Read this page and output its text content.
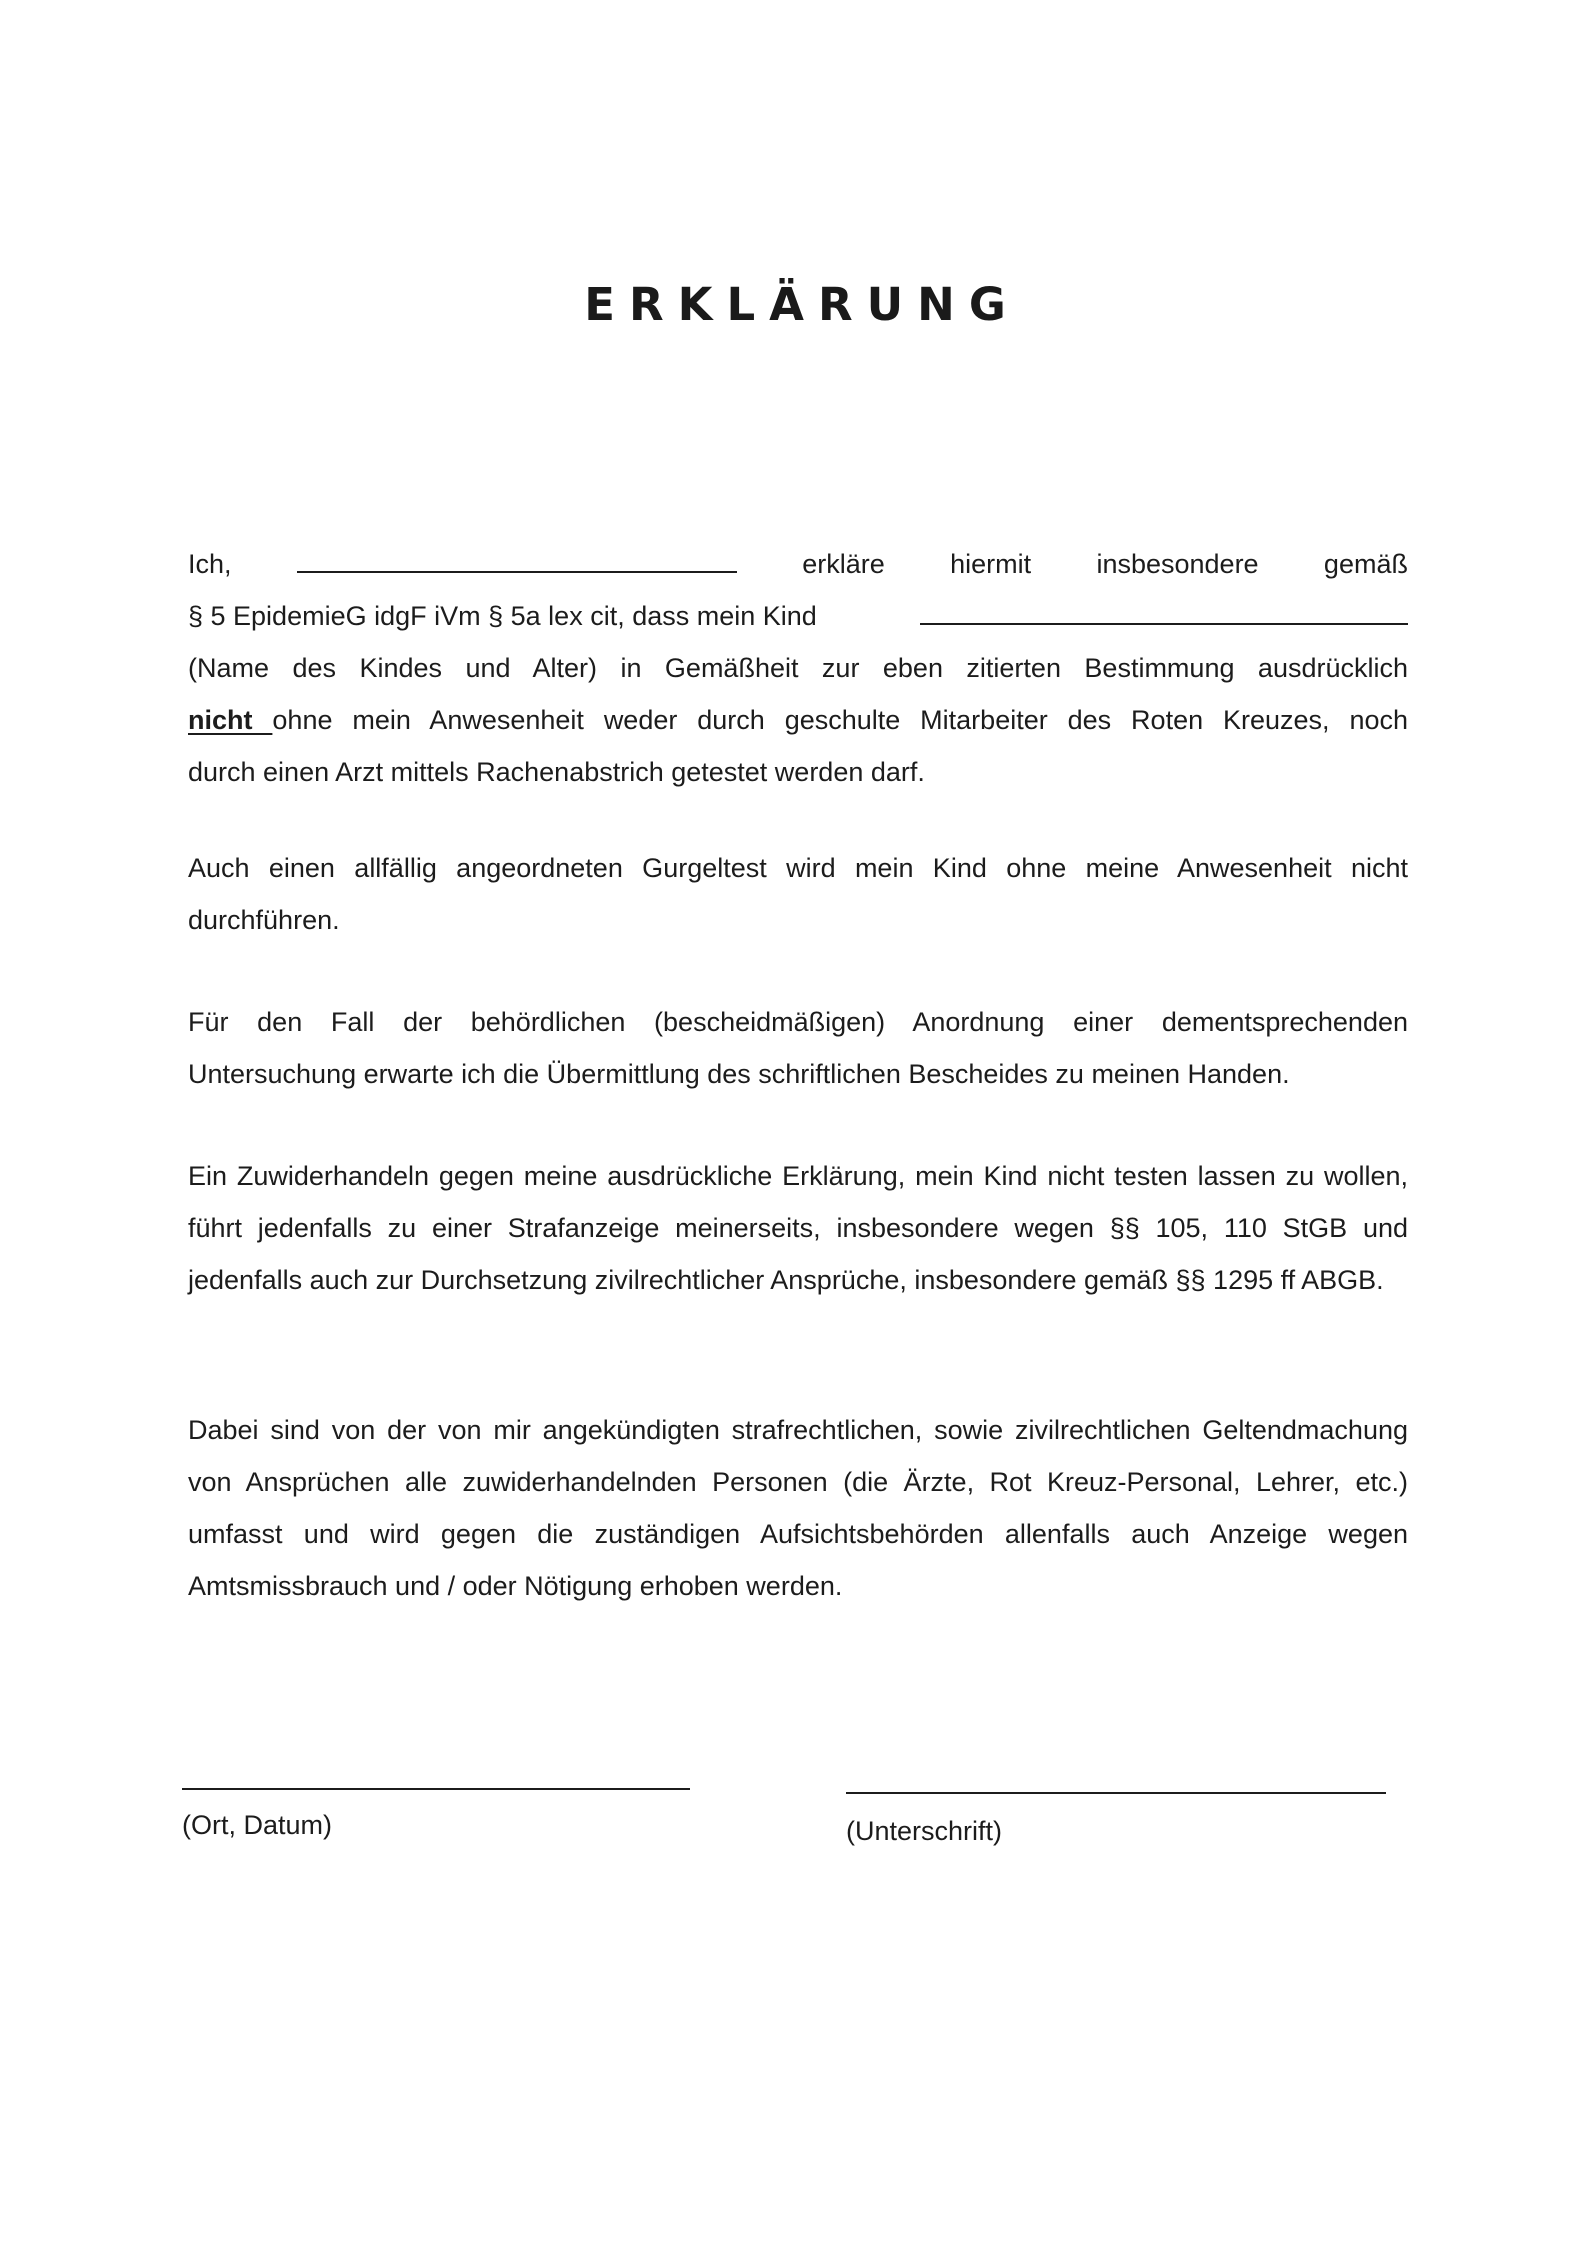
ERKLÄRUNG
Ich,	erkläre hiermit insbesondere gemäß
§ 5 EpidemieG idgF iVm § 5a lex cit, dass mein Kind
(Name des Kindes und Alter) in Gemäßheit zur eben zitierten Bestimmung ausdrücklich
nicht ohne mein Anwesenheit weder durch geschulte Mitarbeiter des Roten Kreuzes, noch
durch einen Arzt mittels Rachenabstrich getestet werden darf.
Auch einen allfällig angeordneten Gurgeltest wird mein Kind ohne meine Anwesenheit nicht durchführen.
Für den Fall der behördlichen (bescheidmäßigen) Anordnung einer dementsprechenden Untersuchung erwarte ich die Übermittlung des schriftlichen Bescheides zu meinen Handen.
Ein Zuwiderhandeln gegen meine ausdrückliche Erklärung, mein Kind nicht testen lassen zu wollen, führt jedenfalls zu einer Strafanzeige meinerseits, insbesondere wegen §§ 105, 110 StGB und jedenfalls auch zur Durchsetzung zivilrechtlicher Ansprüche, insbesondere gemäß §§ 1295 ff ABGB.
Dabei sind von der von mir angekündigten strafrechtlichen, sowie zivilrechtlichen Geltendmachung von Ansprüchen alle zuwiderhandelnden Personen (die Ärzte, Rot Kreuz-Personal, Lehrer, etc.) umfasst und wird gegen die zuständigen Aufsichtsbehörden allenfalls auch Anzeige wegen Amtsmissbrauch und / oder Nötigung erhoben werden.
(Ort, Datum)	(Unterschrift)
